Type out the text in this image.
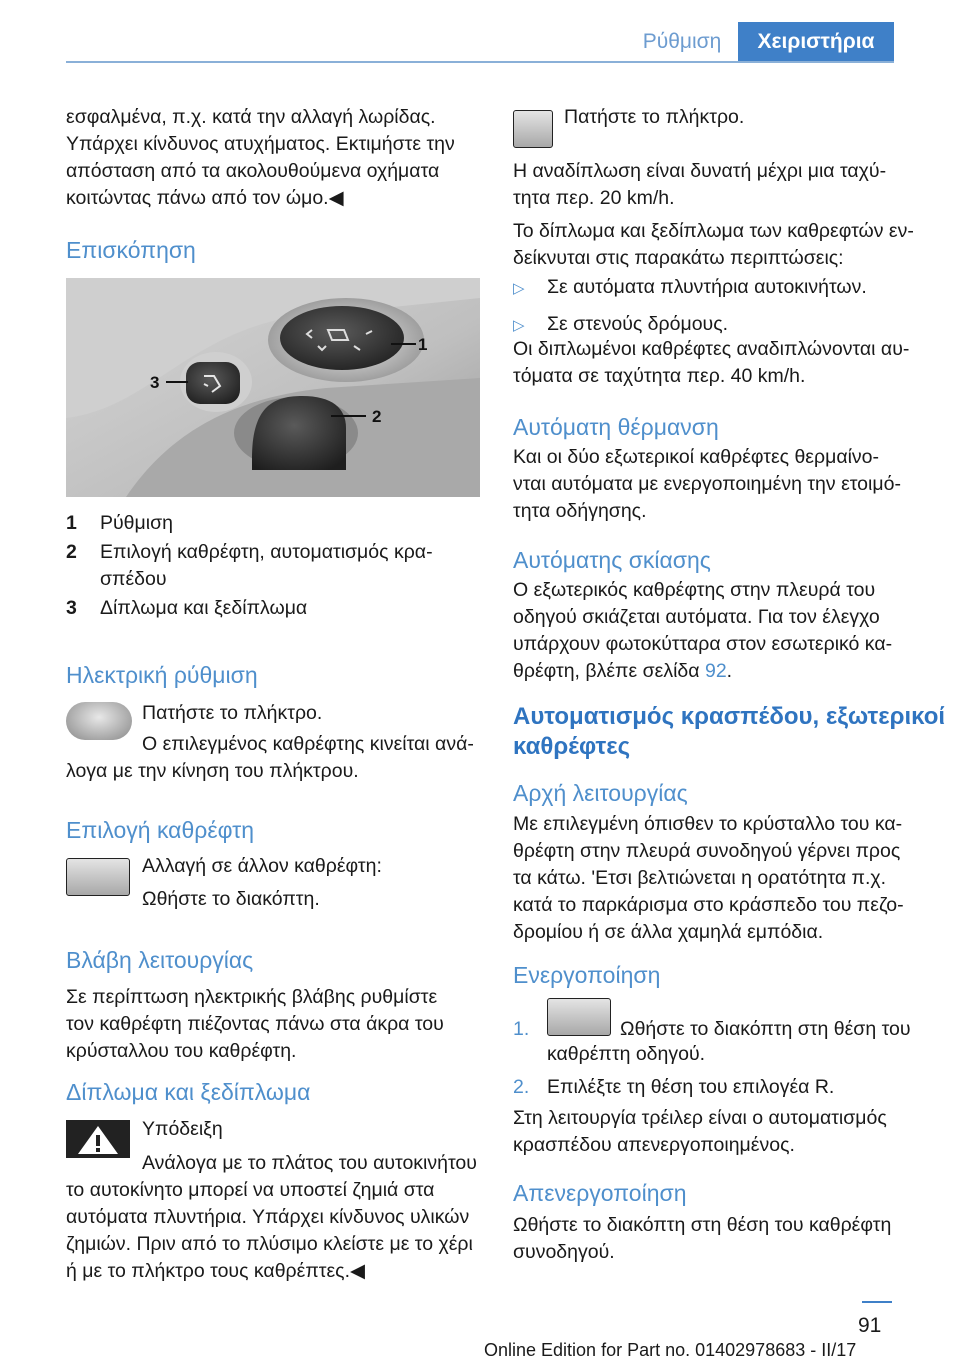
Ρύθμιση	Χειριστήρια

εσφαλμένα, π.χ. κατά την αλλαγή λωρίδας.

Υπάρχει κίνδυνος ατυχήματος. Εκτιμήστε την

απόσταση από τα ακολουθούμενα οχήματα

κοιτώντας πάνω από τον ώμο.◀

Επισκόπηση
1
2
3

1 Ρύθμιση

2 Επιλογή καθρέφτη, αυτοματισμός κρα-

σπέδου

3 Δίπλωμα και ξεδίπλωμα

Ηλεκτρική ρύθμιση
Πατήστε το πλήκτρο.
Ο επιλεγμένος καθρέφτης κινείται ανά-
λογα με την κίνηση του πλήκτρου.
Επιλογή καθρέφτη
Αλλαγή σε άλλον καθρέφτη:
Ωθήστε το διακόπτη.
Βλάβη λειτουργίας

Σε περίπτωση ηλεκτρικής βλάβης ρυθμίστε

τον καθρέφτη πιέζοντας πάνω στα άκρα του

κρύσταλλου του καθρέφτη.

Δίπλωμα και ξεδίπλωμα
Υπόδειξη
Ανάλογα με το πλάτος του αυτοκινήτου

το αυτοκίνητο μπορεί να υποστεί ζημιά στα

αυτόματα πλυντήρια. Υπάρχει κίνδυνος υλικών

ζημιών. Πριν από το πλύσιμο κλείστε με το χέρι

ή με το πλήκτρο τους καθρέπτες.◀

Πατήστε το πλήκτρο.

Η αναδίπλωση είναι δυνατή μέχρι μια ταχύ-

τητα περ. 20 km/h.

Το δίπλωμα και ξεδίπλωμα των καθρεφτών εν-

δείκνυται στις παρακάτω περιπτώσεις:

▷ Σε αυτόματα πλυντήρια αυτοκινήτων.

▷ Σε στενούς δρόμους.

Οι διπλωμένοι καθρέφτες αναδιπλώνονται αυ-

τόματα σε ταχύτητα περ. 40 km/h.

Αυτόματη θέρμανση

Και οι δύο εξωτερικοί καθρέφτες θερμαίνο-

νται αυτόματα με ενεργοποιημένη την ετοιμό-

τητα οδήγησης.

Αυτόματης σκίασης

Ο εξωτερικός καθρέφτης στην πλευρά του

οδηγού σκιάζεται αυτόματα. Για τον έλεγχο

υπάρχουν φωτοκύτταρα στον εσωτερικό κα-

θρέφτη, βλέπε σελίδα 92.

Αυτοματισμός κρασπέδου, εξωτερικοί
καθρέφτες
Αρχή λειτουργίας

Με επιλεγμένη όπισθεν το κρύσταλλο του κα-

θρέφτη στην πλευρά συνοδηγού γέρνει προς

τα κάτω. 'Ετσι βελτιώνεται η ορατότητα π.χ.

κατά το παρκάρισμα στο κράσπεδο του πεζο-

δρομίου ή σε άλλα χαμηλά εμπόδια.

Ενεργοποίηση
1.	Ωθήστε το διακόπτη στη θέση του
καθρέπτη οδηγού.
2. Επιλέξτε τη θέση του επιλογέα R.

Στη λειτουργία τρέιλερ είναι ο αυτοματισμός

κρασπέδου απενεργοποιημένος.

Απενεργοποίηση

Ωθήστε το διακόπτη στη θέση του καθρέφτη

συνοδηγού.

91
Online Edition for Part no. 01402978683 - II/17
